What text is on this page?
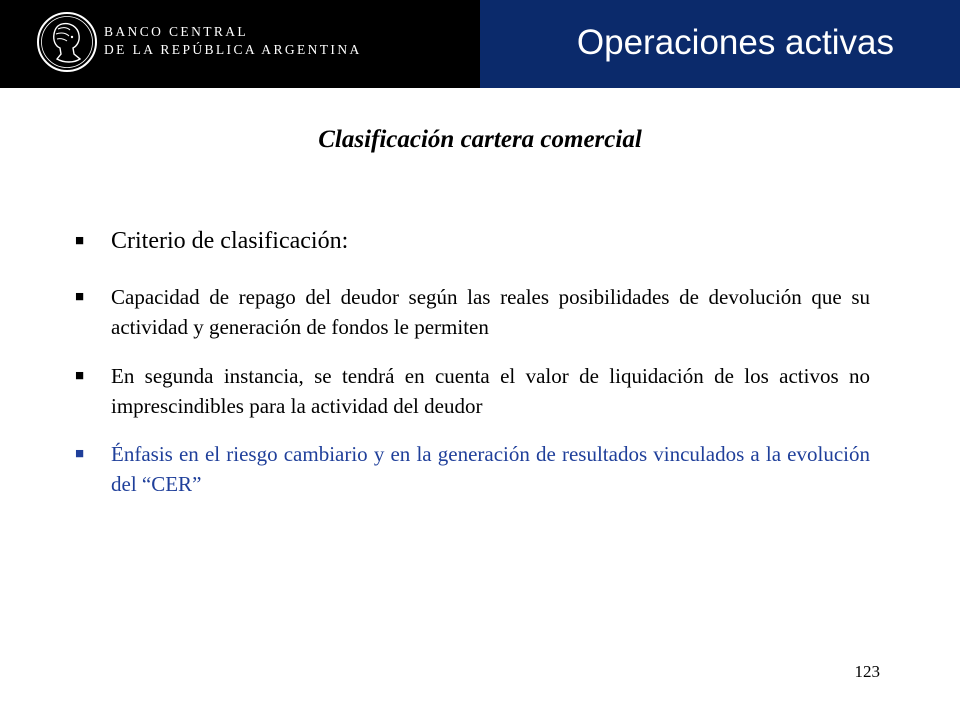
BANCO CENTRAL
DE LA REPÚBLICA ARGENTINA	Operaciones activas
Clasificación cartera comercial
■ Criterio de clasificación:
■ Capacidad de repago del deudor según las reales posibilidades de devolución que su actividad y generación de fondos le permiten
■ En segunda instancia, se tendrá en cuenta el valor de liquidación de los activos no imprescindibles para la actividad del deudor
■ Énfasis en el riesgo cambiario y en la generación de resultados vinculados a la evolución del “CER”
123
